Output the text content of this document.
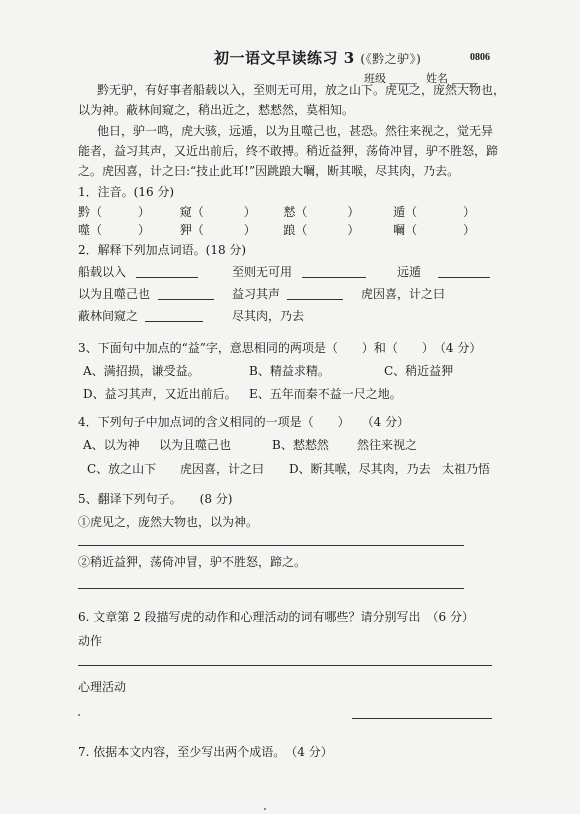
初一语文早读练习 3 (《黔之驴》)	0806
班级	姓名
黔无驴，有好事者船载以入，至则无可用，放之山下。虎见之，庞然大物也，
以为神。蔽林间窥之，稍出近之，慭慭然，莫相知。
他日，驴一鸣，虎大骇，远遁，以为且噬己也，甚恐。然往来视之，觉无异
能者，益习其声，又近出前后，终不敢搏。稍近益狎，荡倚冲冒，驴不胜怒，蹄
之。虎因喜，计之曰:“技止此耳!”因跳踉大㘎，断其喉，尽其肉，乃去。
1．注音。(16 分)
黔（	） 窥（	） 慭（	）	遁（	）
噬（	） 狎（	） 踉（	）	㘎（	）
2．解释下列加点词语。(18 分)
船载以入	至则无可用	远遁
以为且噬己也	益习其声	虎因喜，计之曰
蔽林间窥之	尽其肉，乃去
3、下面句中加点的“益”字，意思相同的两项是（　　）和（　　）　（4 分）
A、满招损，谦受益。	B、精益求精。	C、稍近益狎
D、益习其声，又近出前后。 E、五年而秦不益一尺之地。
4．下列句子中加点词的含义相同的一项是（　　）　　（4 分）
A、以为神 以为且噬己也	B、慭慭然 然往来视之
C、放之山下 虎因喜，计之曰 D、断其喉，尽其肉，乃去 太祖乃悟
5、翻译下列句子。　　(8 分)
①虎见之，庞然大物也，以为神。
②稍近益狎，荡倚冲冒，驴不胜怒，蹄之。
6. 文章第 2 段描写虎的动作和心理活动的词有哪些？请分别写出　（6 分）
动作
心理活动
7. 依据本文内容，至少写出两个成语。　（4 分）
